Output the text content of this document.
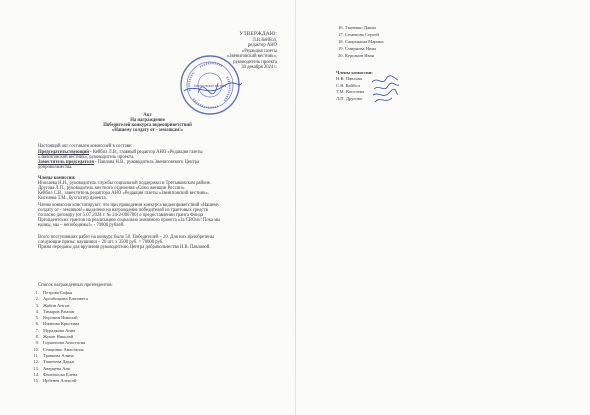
УТВЕРЖДАЮ:
Л.В.Кейбол,
редактор АНО
«Редакция газеты
«Звениговский вестник»,
руководитель проекта
30 декабря 2024 г.
Звениговский вестник
Акт
На награждение
Победителей конкурса видеоприветствий
«Нашему солдату от - землякам!»
Настоящий акт составлен комиссией в составе:
Председательствующий - Кейбол Л.В., главный редактор АНО «Редакция газеты
«Звениговский вестник», руководитель проекта.
Заместитель председателя - Павлова Н.В., руководитель Звениговского Центра
добровольчества.
Члены комиссии:
Иполаева Н.И., руководитель службы социальной поддержки и Третьяковском районе.
Другова Л.П., руководитель местного отделения «Союз женщин России».
Кейбол С.В., заместитель редактора АНО «Редакция газеты «Звениговский вестник».
Киселева Т.М., бухгалтер проекта.
Члены комиссии констатируют: что при проведении конкурса видеоприветствий «Нашему
солдату от - земляков!» выделено на награждение победителей из грантовых средств
согласно договору (от 5.07.2024 г. № 24-2-006780) о предоставлении гранта Фонда
Президентских грантов на реализацию социально значимого проекта «За СВОих! Пока мы
едины, мы – непобедимы!» - 70000 рублей.
Всего поступивших работ на конкурс было 50. Победителей – 20. Для них приобретены
следующие призы: наушники – 20 шт. х 3500 руб. = 70000 руб.
Призы переданы для вручения руководителю Центра добровольчества Н.В. Павловой.
Список награжденных претендентов:
1. Петрова Софья
2. Арсибицына Елизавета
3. Жабин Антон
4. Тимаров Рамзан
5. Воронин Николай
6. Иманова Кристина
7. Мурадкова Анна
8. Жуков Николай
9. Горшенова Анастасия
10. Стацюнко Анастасия
11. Травкова Алина
12. Ташечева Дарья
13. Аверцева Аня
14. Филиппова Елена
15. Ирбенев Алексей
16. Ткаченко Данил
17. Семенова Сергей
18. Сапрыкина Марина
19. Смирнова Нина
20. Курганов Иван
Члены комиссии:
Н.В. Павлова
С.В. Кейбол
Т.М. Киселева
Л.П. Другова
